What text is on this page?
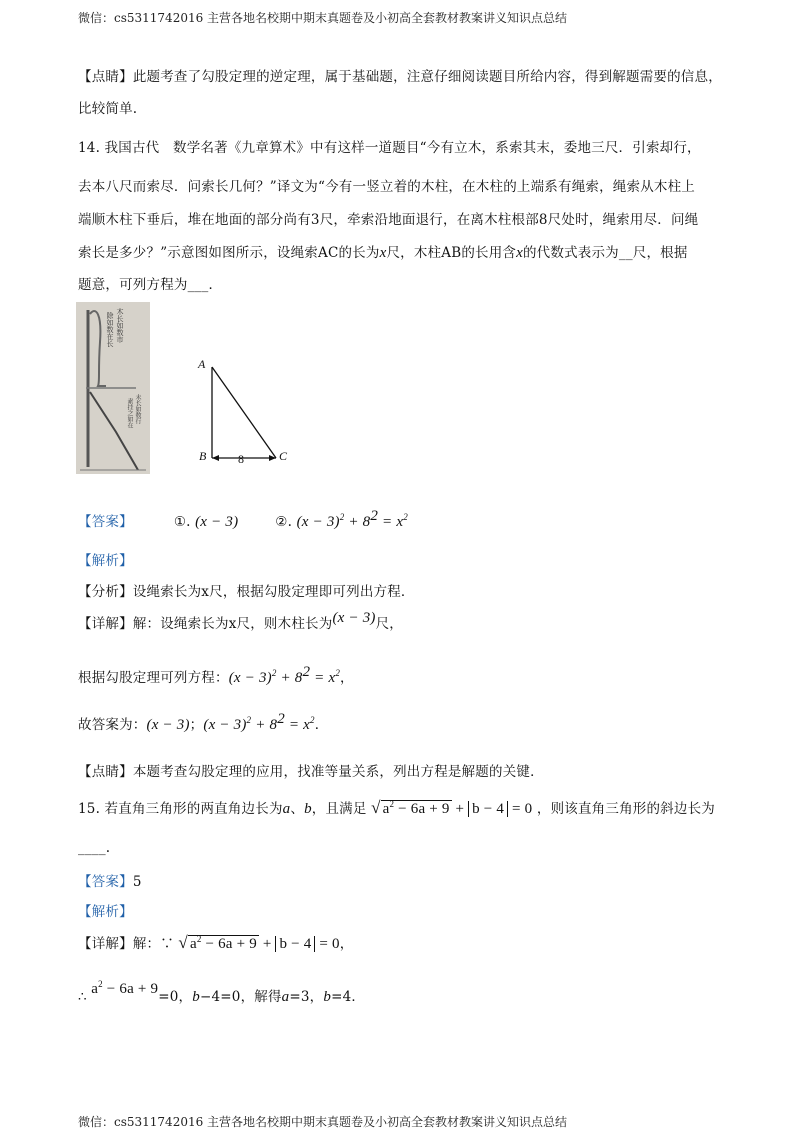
微信：cs5311742016 主营各地名校期中期末真题卷及小初高全套教材教案讲义知识点总结
【点睛】此题考查了勾股定理的逆定理，属于基础题，注意仔细阅读题目所给内容，得到解题需要的信息，
比较简单.
14. 我国古代　数学名著《九章算术》中有这样一道题目“今有立木，系索其末，委地三尺．引索却行，
去本八尺而索尽．问索长几何？”译文为“今有一竖立着的木柱，在木柱的上端系有绳索，绳索从木柱上
端顺木柱下垂后，堆在地面的部分尚有3尺，牵索沿地面退行，在离木柱根部8尺处时，绳索用尽．问绳
索长是多少？”示意图如图所示，设绳索AC的长为x尺，木柱AB的长用含x的代数式表示为__尺，根据
题意，可列方程为___．
木长如数市
除如数在长
未长如数行
素挂之如在
A
B	C
8
【答案】	①. (x − 3)	②. $(x - 3)^2 + 8^2 = x^2$
【解析】
【分析】设绳索长为x尺，根据勾股定理即可列出方程．
【详解】解：设绳索长为x尺，则木柱长为(x − 3)尺，
根据勾股定理可列方程：$(x - 3)^2 + 8^2 = x^2$，
故答案为：(x − 3)；$(x - 3)^2 + 8^2 = x^2$．
【点睛】本题考查勾股定理的应用，找准等量关系，列出方程是解题的关键．
15. 若直角三角形的两直角边长为a、b，且满足 √ $a^2 - 6a + 9 + b - 4 = 0$ ，则该直角三角形的斜边长为
____.
【答案】5
【解析】
【详解】解：∵ √ $a^2 - 6a + 9 + b - 4 = 0$，
∴ $a^2 - 6a + 9=0$，b−4=0，解得a=3，b=4．
微信：cs5311742016 主营各地名校期中期末真题卷及小初高全套教材教案讲义知识点总结
